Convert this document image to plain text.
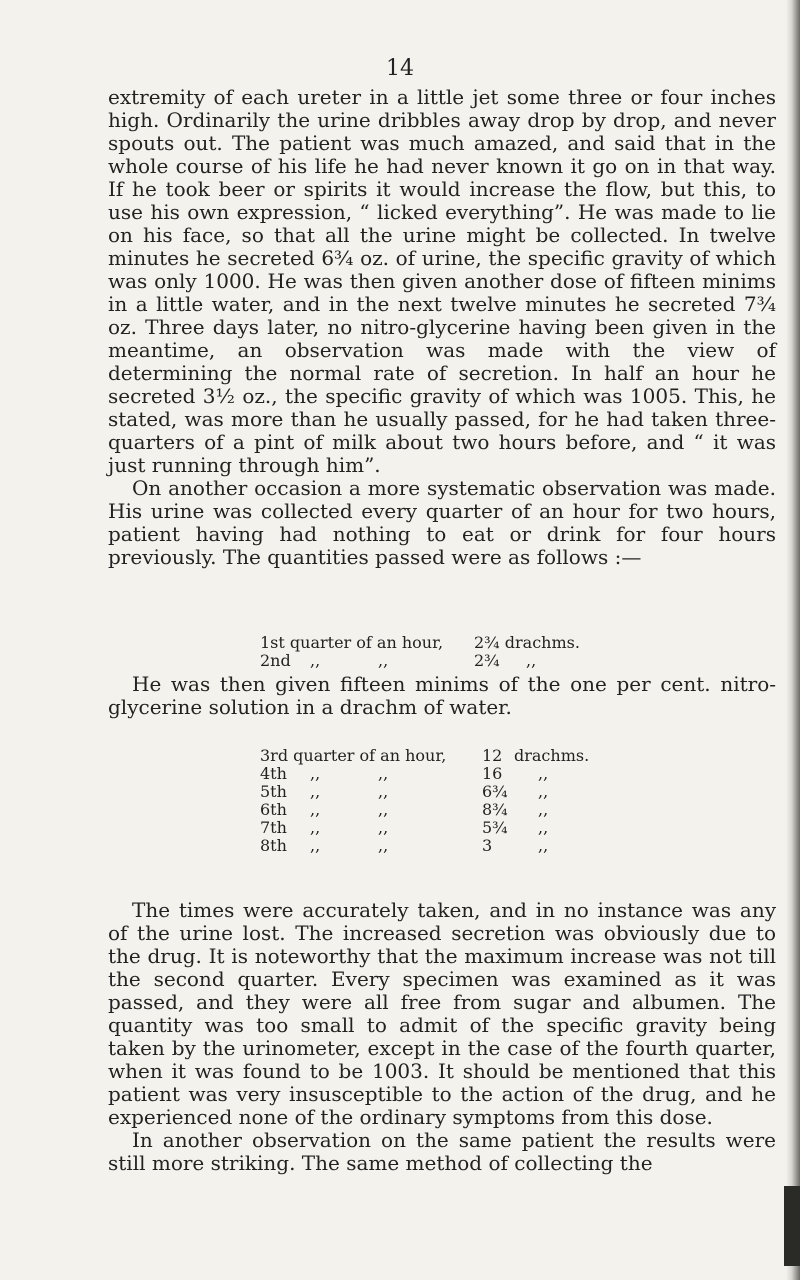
14

extremity of each ureter in a little jet some three or four inches high. Ordinarily the urine dribbles away drop by drop, and never spouts out. The patient was much amazed, and said that in the whole course of his life he had never known it go on in that way. If he took beer or spirits it would increase the flow, but this, to use his own expression, “ licked everything”. He was made to lie on his face, so that all the urine might be collected. In twelve minutes he secreted 6¾ oz. of urine, the specific gravity of which was only 1000. He was then given another dose of fifteen minims in a little water, and in the next twelve minutes he secreted 7¾ oz. Three days later, no nitro-glycerine having been given in the meantime, an observation was made with the view of determining the normal rate of secretion. In half an hour he secreted 3½ oz., the specific gravity of which was 1005. This, he stated, was more than he usually passed, for he had taken three-quarters of a pint of milk about two hours before, and “ it was just running through him”.

On another occasion a more systematic observation was made. His urine was collected every quarter of an hour for two hours, patient having had nothing to eat or drink for four hours previously. The quantities passed were as follows :—

1st quarter of an hour,	2¾ drachms.
2nd	,,	,,	2¾	,,

He was then given fifteen minims of the one per cent. nitro-glycerine solution in a drachm of water.

3rd quarter of an hour,	12 drachms.
4th	,,	,,	16	,,
5th	,,	,,	6¾	,,
6th	,,	,,	8¾	,,
7th	,,	,,	5¾	,,
8th	,,	,,	3	,,

The times were accurately taken, and in no instance was any of the urine lost. The increased secretion was obviously due to the drug. It is noteworthy that the maximum increase was not till the second quarter. Every specimen was examined as it was passed, and they were all free from sugar and albumen. The quantity was too small to admit of the specific gravity being taken by the urinometer, except in the case of the fourth quarter, when it was found to be 1003. It should be mentioned that this patient was very insusceptible to the action of the drug, and he experienced none of the ordinary symptoms from this dose.

In another observation on the same patient the results were still more striking. The same method of collecting the
